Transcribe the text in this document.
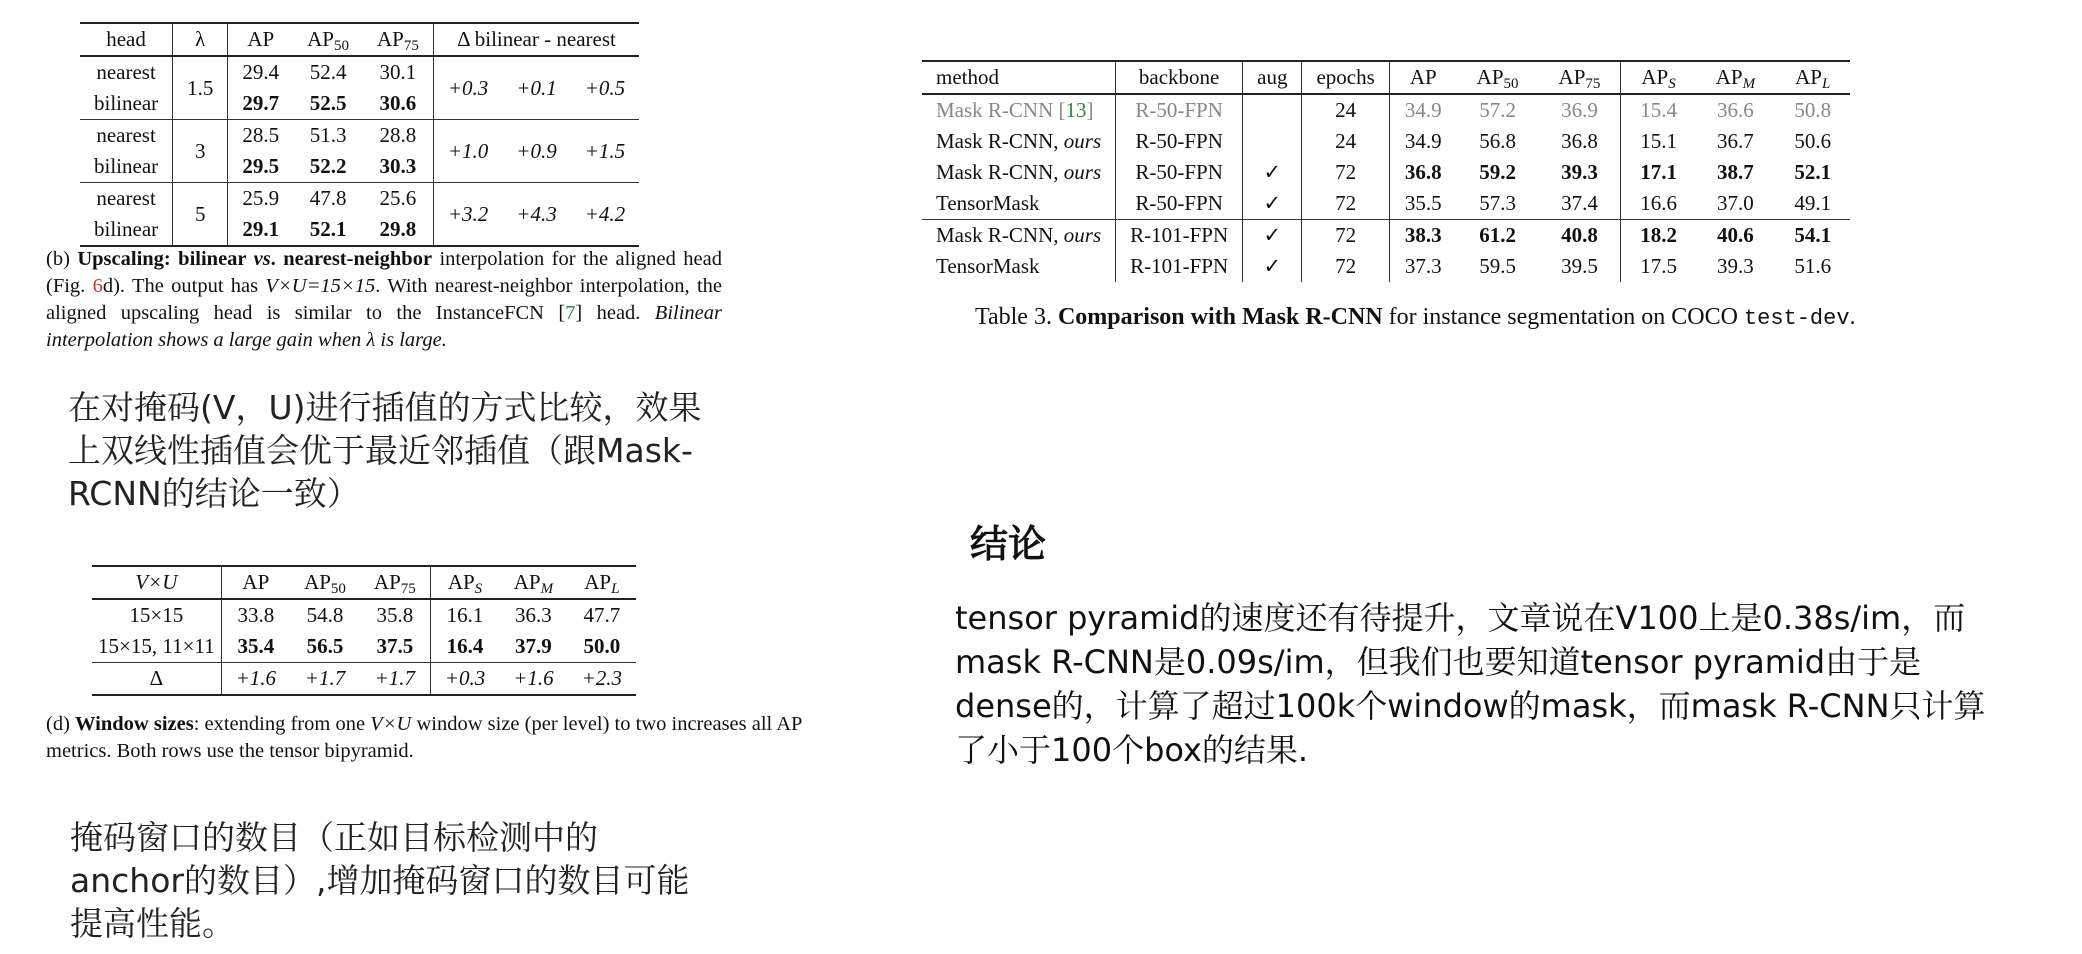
head	λ	AP	$AP_{50}$	$AP_{75}$	Δ bilinear - nearest		
nearest	1.5	29.4	52.4	30.1	+0.3	+0.1	+0.5
bilinear		29.7	52.5	30.6			
nearest	3	28.5	51.3	28.8	+1.0	+0.9	+1.5
bilinear		29.5	52.2	30.3			
nearest	5	25.9	47.8	25.6	+3.2	+4.3	+4.2
bilinear		29.1	52.1	29.8			
(b) Upscaling: bilinear vs. nearest-neighbor interpolation for the aligned head (Fig. 6d). The output has V×U=15×15. With nearest-neighbor interpolation, the aligned upscaling head is similar to the InstanceFCN [7] head. Bilinear interpolation shows a large gain when λ is large.
在对掩码(V，U)进行插值的方式比较，效果上双线性插值会优于最近邻插值（跟Mask-RCNN的结论一致）
V×U	AP	$AP_{50}$	$AP_{75}$	$AP_S$	$AP_M$	$AP_L$
15×15	33.8	54.8	35.8	16.1	36.3	47.7
15×15, 11×11	35.4	56.5	37.5	16.4	37.9	50.0
Δ	+1.6	+1.7	+1.7	+0.3	+1.6	+2.3
(d) Window sizes: extending from one V×U window size (per level) to two increases all AP metrics. Both rows use the tensor bipyramid.
掩码窗口的数目（正如目标检测中的anchor的数目）,增加掩码窗口的数目可能提高性能。
method	backbone	aug	epochs	AP	$AP_{50}$	$AP_{75}$	$AP_S$	$AP_M$	$AP_L$
Mask R-CNN [13]	R-50-FPN		24	34.9	57.2	36.9	15.4	36.6	50.8
Mask R-CNN, ours	R-50-FPN		24	34.9	56.8	36.8	15.1	36.7	50.6
Mask R-CNN, ours	R-50-FPN	✓	72	36.8	59.2	39.3	17.1	38.7	52.1
TensorMask	R-50-FPN	✓	72	35.5	57.3	37.4	16.6	37.0	49.1
Mask R-CNN, ours	R-101-FPN	✓	72	38.3	61.2	40.8	18.2	40.6	54.1
TensorMask	R-101-FPN	✓	72	37.3	59.5	39.5	17.5	39.3	51.6
Table 3. Comparison with Mask R-CNN for instance segmentation on COCO test-dev.
结论
tensor pyramid的速度还有待提升，文章说在V100上是0.38s/im，而mask R-CNN是0.09s/im，但我们也要知道tensor pyramid由于是dense的，计算了超过100k个window的mask，而mask R-CNN只计算了小于100个box的结果.
